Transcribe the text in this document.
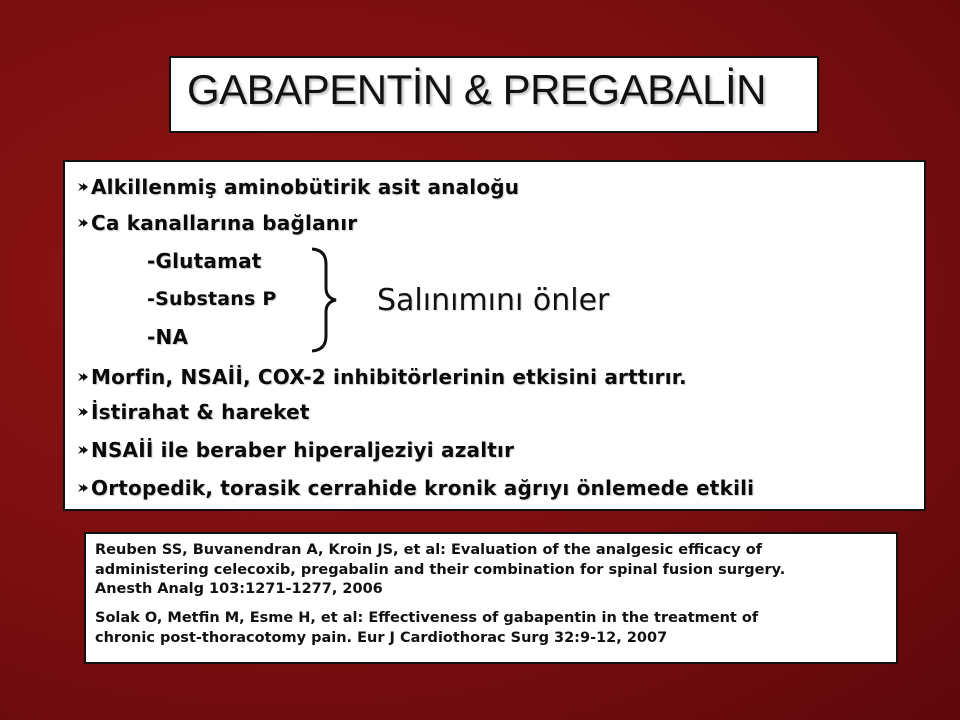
GABAPENTİN & PREGABALİN
Alkillenmiş aminobütirik asit analoğu
Ca kanallarına bağlanır
-Glutamat
-Substans P
-NA
Salınımını önler
Morfin, NSAİİ, COX-2 inhibitörlerinin etkisini arttırır.
İstirahat & hareket
NSAİİ ile beraber hiperaljeziyi azaltır
Ortopedik, torasik cerrahide kronik ağrıyı önlemede etkili
Reuben SS, Buvanendran A, Kroin JS, et al: Evaluation of the analgesic efficacy of
administering celecoxib, pregabalin and their combination for spinal fusion surgery.
Anesth Analg 103:1271-1277, 2006
Solak O, Metfin M, Esme H, et al: Effectiveness of gabapentin in the treatment of
chronic post-thoracotomy pain. Eur J Cardiothorac Surg 32:9-12, 2007
